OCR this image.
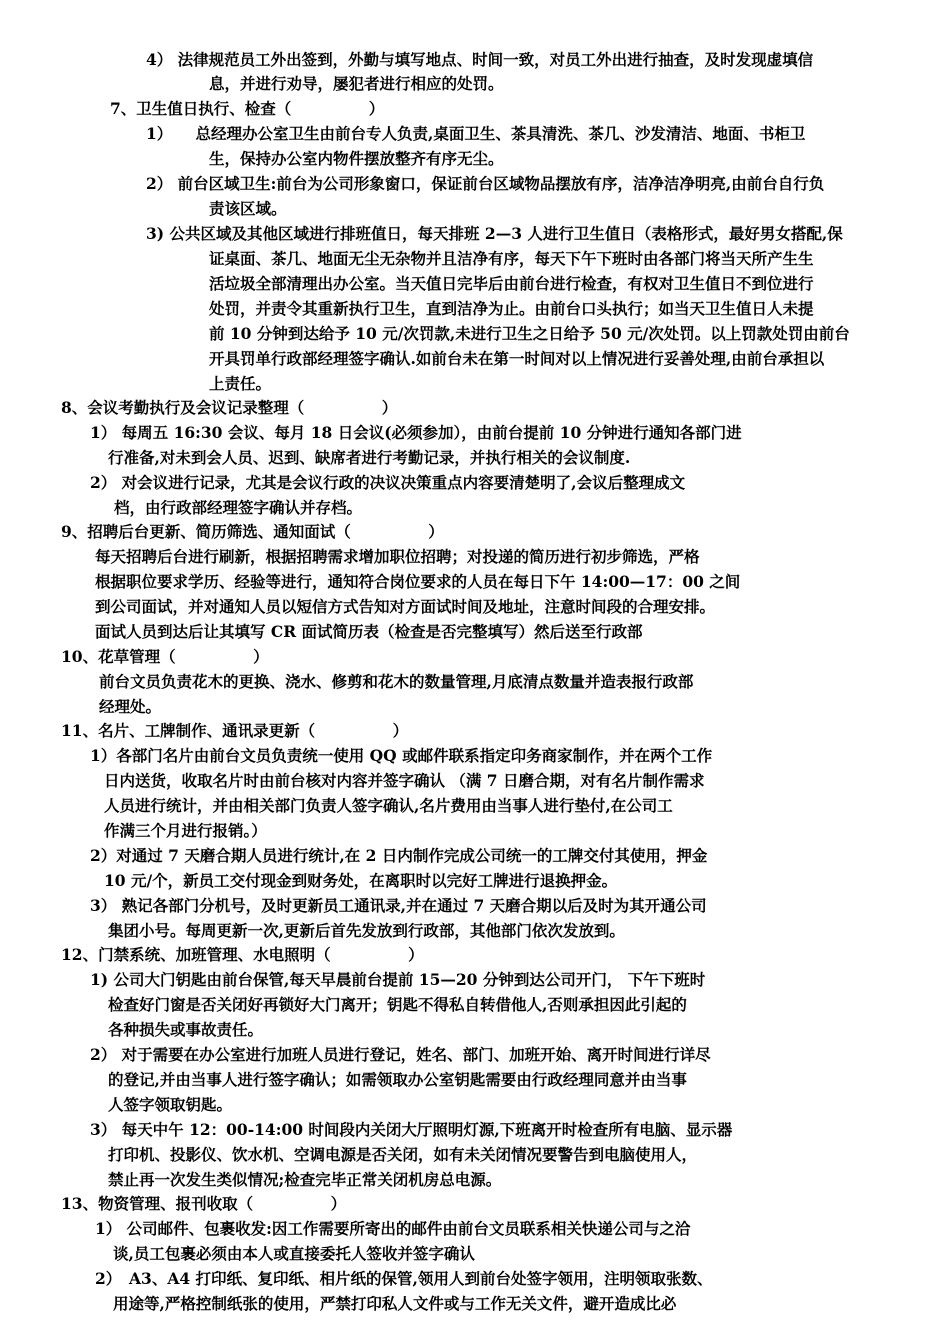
4） 法律规范员工外出签到，外勤与填写地点、时间一致，对员工外出进行抽查，及时发现虚填信
息，并进行劝导，屡犯者进行相应的处罚。
7、卫生值日执行、检查（　　　　　）
1）　　总经理办公室卫生由前台专人负责,桌面卫生、茶具清洗、茶几、沙发清洁、地面、书柜卫
生，保持办公室内物件摆放整齐有序无尘。
2） 前台区域卫生:前台为公司形象窗口，保证前台区域物品摆放有序，洁净洁净明亮,由前台自行负
责该区域。
3) 公共区域及其他区域进行排班值日，每天排班 2—3 人进行卫生值日（表格形式，最好男女搭配,保
证桌面、茶几、地面无尘无杂物并且洁净有序，每天下午下班时由各部门将当天所产生生
活垃圾全部清理出办公室。当天值日完毕后由前台进行检查，有权对卫生值日不到位进行
处罚，并责令其重新执行卫生，直到洁净为止。由前台口头执行；如当天卫生值日人未提
前 10 分钟到达给予 10 元/次罚款,未进行卫生之日给予 50 元/次处罚。以上罚款处罚由前台
开具罚单行政部经理签字确认.如前台未在第一时间对以上情况进行妥善处理,由前台承担以
上责任。
8、会议考勤执行及会议记录整理（　　　　　）
1） 每周五 16:30 会议、每月 18 日会议(必须参加），由前台提前 10 分钟进行通知各部门进
行准备,对未到会人员、迟到、缺席者进行考勤记录，并执行相关的会议制度.
2） 对会议进行记录，尤其是会议行政的决议决策重点内容要清楚明了,会议后整理成文
档，由行政部经理签字确认并存档。
9、招聘后台更新、简历筛选、通知面试（　　　　　）
每天招聘后台进行刷新，根据招聘需求增加职位招聘；对投递的简历进行初步筛选，严格
根据职位要求学历、经验等进行，通知符合岗位要求的人员在每日下午 14:00—17：00 之间
到公司面试，并对通知人员以短信方式告知对方面试时间及地址，注意时间段的合理安排。
面试人员到达后让其填写 CR 面试简历表（检查是否完整填写）然后送至行政部
10、花草管理（　　　　　）
前台文员负责花木的更换、浇水、修剪和花木的数量管理,月底清点数量并造表报行政部
经理处。
11、名片、工牌制作、通讯录更新（　　　　　）
1）各部门名片由前台文员负责统一使用 QQ 或邮件联系指定印务商家制作，并在两个工作
日内送货，收取名片时由前台核对内容并签字确认 （满 7 日磨合期，对有名片制作需求
人员进行统计，并由相关部门负责人签字确认,名片费用由当事人进行垫付,在公司工
作满三个月进行报销。）
2）对通过 7 天磨合期人员进行统计,在 2 日内制作完成公司统一的工牌交付其使用，押金
10 元/个，新员工交付现金到财务处，在离职时以完好工牌进行退换押金。
3） 熟记各部门分机号，及时更新员工通讯录,并在通过 7 天磨合期以后及时为其开通公司
集团小号。每周更新一次,更新后首先发放到行政部，其他部门依次发放到。
12、门禁系统、加班管理、水电照明（　　　　　）
1) 公司大门钥匙由前台保管,每天早晨前台提前 15—20 分钟到达公司开门， 下午下班时
检查好门窗是否关闭好再锁好大门离开；钥匙不得私自转借他人,否则承担因此引起的
各种损失或事故责任。
2） 对于需要在办公室进行加班人员进行登记，姓名、部门、加班开始、离开时间进行详尽
的登记,并由当事人进行签字确认；如需领取办公室钥匙需要由行政经理同意并由当事
人签字领取钥匙。
3） 每天中午 12：00-14:00 时间段内关闭大厅照明灯源,下班离开时检查所有电脑、显示器
打印机、投影仪、饮水机、空调电源是否关闭，如有未关闭情况要警告到电脑使用人，
禁止再一次发生类似情况;检查完毕正常关闭机房总电源。
13、物资管理、报刊收取（　　　　　）
1） 公司邮件、包裹收发:因工作需要所寄出的邮件由前台文员联系相关快递公司与之洽
谈,员工包裹必须由本人或直接委托人签收并签字确认
2）　A3、A4 打印纸、复印纸、相片纸的保管,领用人到前台处签字领用，注明领取张数、
用途等,严格控制纸张的使用，严禁打印私人文件或与工作无关文件，避开造成比必
